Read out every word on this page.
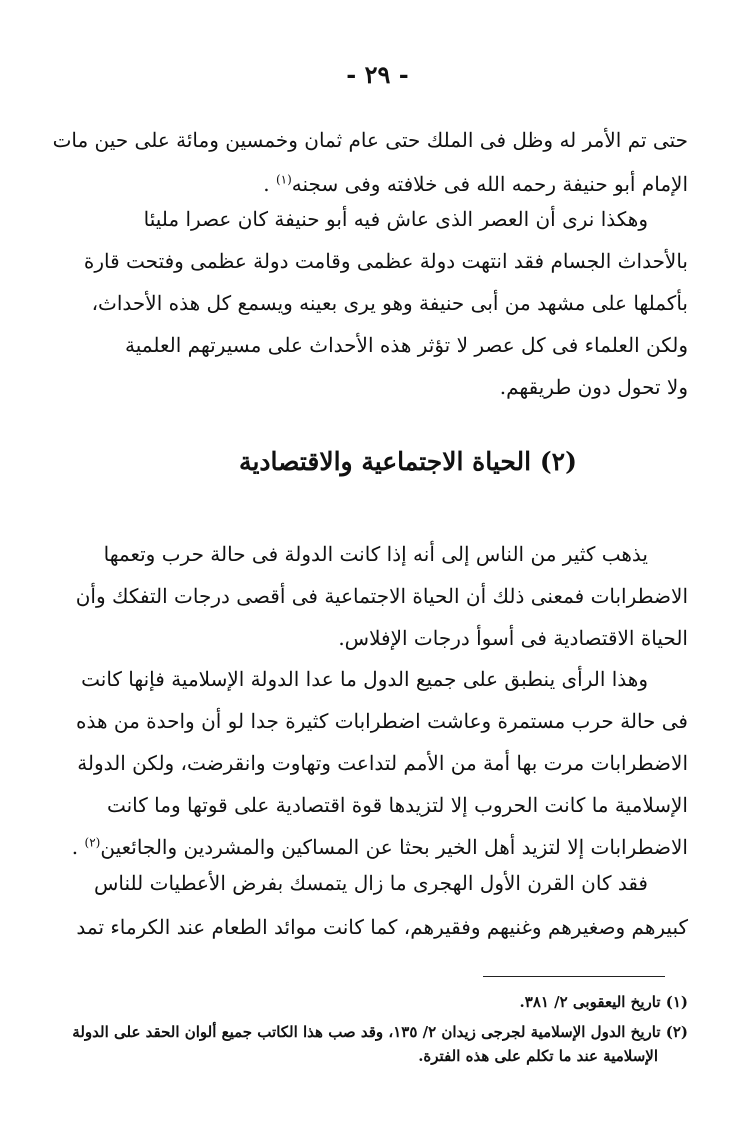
- ٢٩ -
حتى تم الأمر له وظل فى الملك حتى عام ثمان وخمسين ومائة على حين مات
الإمام أبو حنيفة رحمه الله فى خلافته وفى سجنه$^{(١)}$ .
وهكذا نرى أن العصر الذى عاش فيه أبو حنيفة كان عصرا مليئا
بالأحداث الجسام فقد انتهت دولة عظمى وقامت دولة عظمى وفتحت قارة
بأكملها على مشهد من أبى حنيفة وهو يرى بعينه ويسمع كل هذه الأحداث،
ولكن العلماء فى كل عصر لا تؤثر هذه الأحداث على مسيرتهم العلمية
ولا تحول دون طريقهم.
(٢) الحياة الاجتماعية والاقتصادية
يذهب كثير من الناس إلى أنه إذا كانت الدولة فى حالة حرب وتعمها
الاضطرابات فمعنى ذلك أن الحياة الاجتماعية فى أقصى درجات التفكك وأن
الحياة الاقتصادية فى أسوأ درجات الإفلاس.
وهذا الرأى ينطبق على جميع الدول ما عدا الدولة الإسلامية فإنها كانت
فى حالة حرب مستمرة وعاشت اضطرابات كثيرة جدا لو أن واحدة من هذه
الاضطرابات مرت بها أمة من الأمم لتداعت وتهاوت وانقرضت، ولكن الدولة
الإسلامية ما كانت الحروب إلا لتزيدها قوة اقتصادية على قوتها وما كانت
الاضطرابات إلا لتزيد أهل الخير بحثا عن المساكين والمشردين والجائعين$^{(٢)}$ .
فقد كان القرن الأول الهجرى ما زال يتمسك بفرض الأعطيات للناس
كبيرهم وصغيرهم وغنيهم وفقيرهم، كما كانت موائد الطعام عند الكرماء تمد
(١) تاريخ اليعقوبى ٢/ ٣٨١.
(٢) تاريخ الدول الإسلامية لجرجى زيدان ٢/ ١٣٥، وقد صب هذا الكاتب جميع ألوان الحقد على الدولة
الإسلامية عند ما تكلم على هذه الفترة.
